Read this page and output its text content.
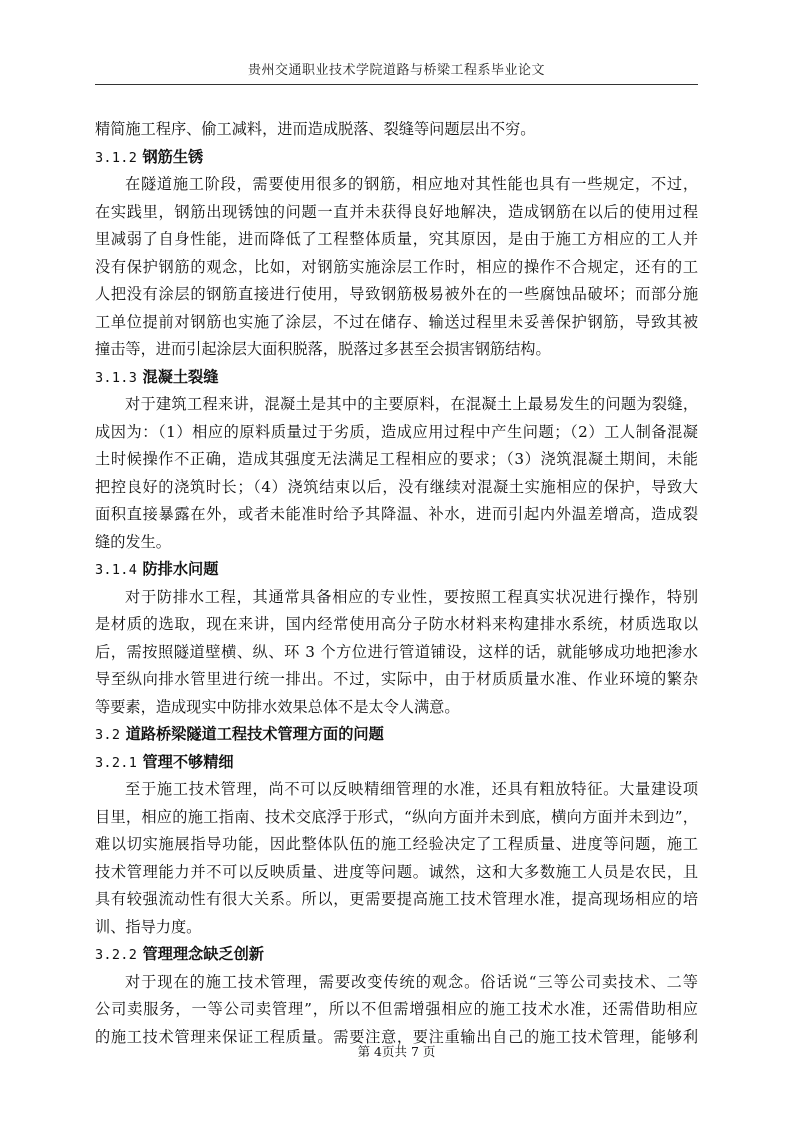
贵州交通职业技术学院道路与桥梁工程系毕业论文
精简施工程序、偷工减料，进而造成脱落、裂缝等问题层出不穷。
3.1.2 钢筋生锈
在隧道施工阶段，需要使用很多的钢筋，相应地对其性能也具有一些规定，不过，
在实践里，钢筋出现锈蚀的问题一直并未获得良好地解决，造成钢筋在以后的使用过程
里减弱了自身性能，进而降低了工程整体质量，究其原因，是由于施工方相应的工人并
没有保护钢筋的观念，比如，对钢筋实施涂层工作时，相应的操作不合规定，还有的工
人把没有涂层的钢筋直接进行使用，导致钢筋极易被外在的一些腐蚀品破坏；而部分施
工单位提前对钢筋也实施了涂层，不过在储存、输送过程里未妥善保护钢筋，导致其被
撞击等，进而引起涂层大面积脱落，脱落过多甚至会损害钢筋结构。
3.1.3 混凝土裂缝
对于建筑工程来讲，混凝土是其中的主要原料，在混凝土上最易发生的问题为裂缝，
成因为：（1）相应的原料质量过于劣质，造成应用过程中产生问题；（2）工人制备混凝
土时候操作不正确，造成其强度无法满足工程相应的要求；（3）浇筑混凝土期间，未能
把控良好的浇筑时长；（4）浇筑结束以后，没有继续对混凝土实施相应的保护，导致大
面积直接暴露在外，或者未能准时给予其降温、补水，进而引起内外温差增高，造成裂
缝的发生。
3.1.4 防排水问题
对于防排水工程，其通常具备相应的专业性，要按照工程真实状况进行操作，特别
是材质的选取，现在来讲，国内经常使用高分子防水材料来构建排水系统，材质选取以
后，需按照隧道壁横、纵、环 3 个方位进行管道铺设，这样的话，就能够成功地把渗水
导至纵向排水管里进行统一排出。不过，实际中，由于材质质量水准、作业环境的繁杂
等要素，造成现实中防排水效果总体不是太令人满意。
3.2 道路桥梁隧道工程技术管理方面的问题
3.2.1 管理不够精细
至于施工技术管理，尚不可以反映精细管理的水准，还具有粗放特征。大量建设项
目里，相应的施工指南、技术交底浮于形式，“纵向方面并未到底，横向方面并未到边”，
难以切实施展指导功能，因此整体队伍的施工经验决定了工程质量、进度等问题，施工
技术管理能力并不可以反映质量、进度等问题。诚然，这和大多数施工人员是农民，且
具有较强流动性有很大关系。所以，更需要提高施工技术管理水准，提高现场相应的培
训、指导力度。
3.2.2 管理理念缺乏创新
对于现在的施工技术管理，需要改变传统的观念。俗话说“三等公司卖技术、二等
公司卖服务，一等公司卖管理”，所以不但需增强相应的施工技术水准，还需借助相应
的施工技术管理来保证工程质量。需要注意，要注重输出自己的施工技术管理，能够利
第 4页共 7 页
